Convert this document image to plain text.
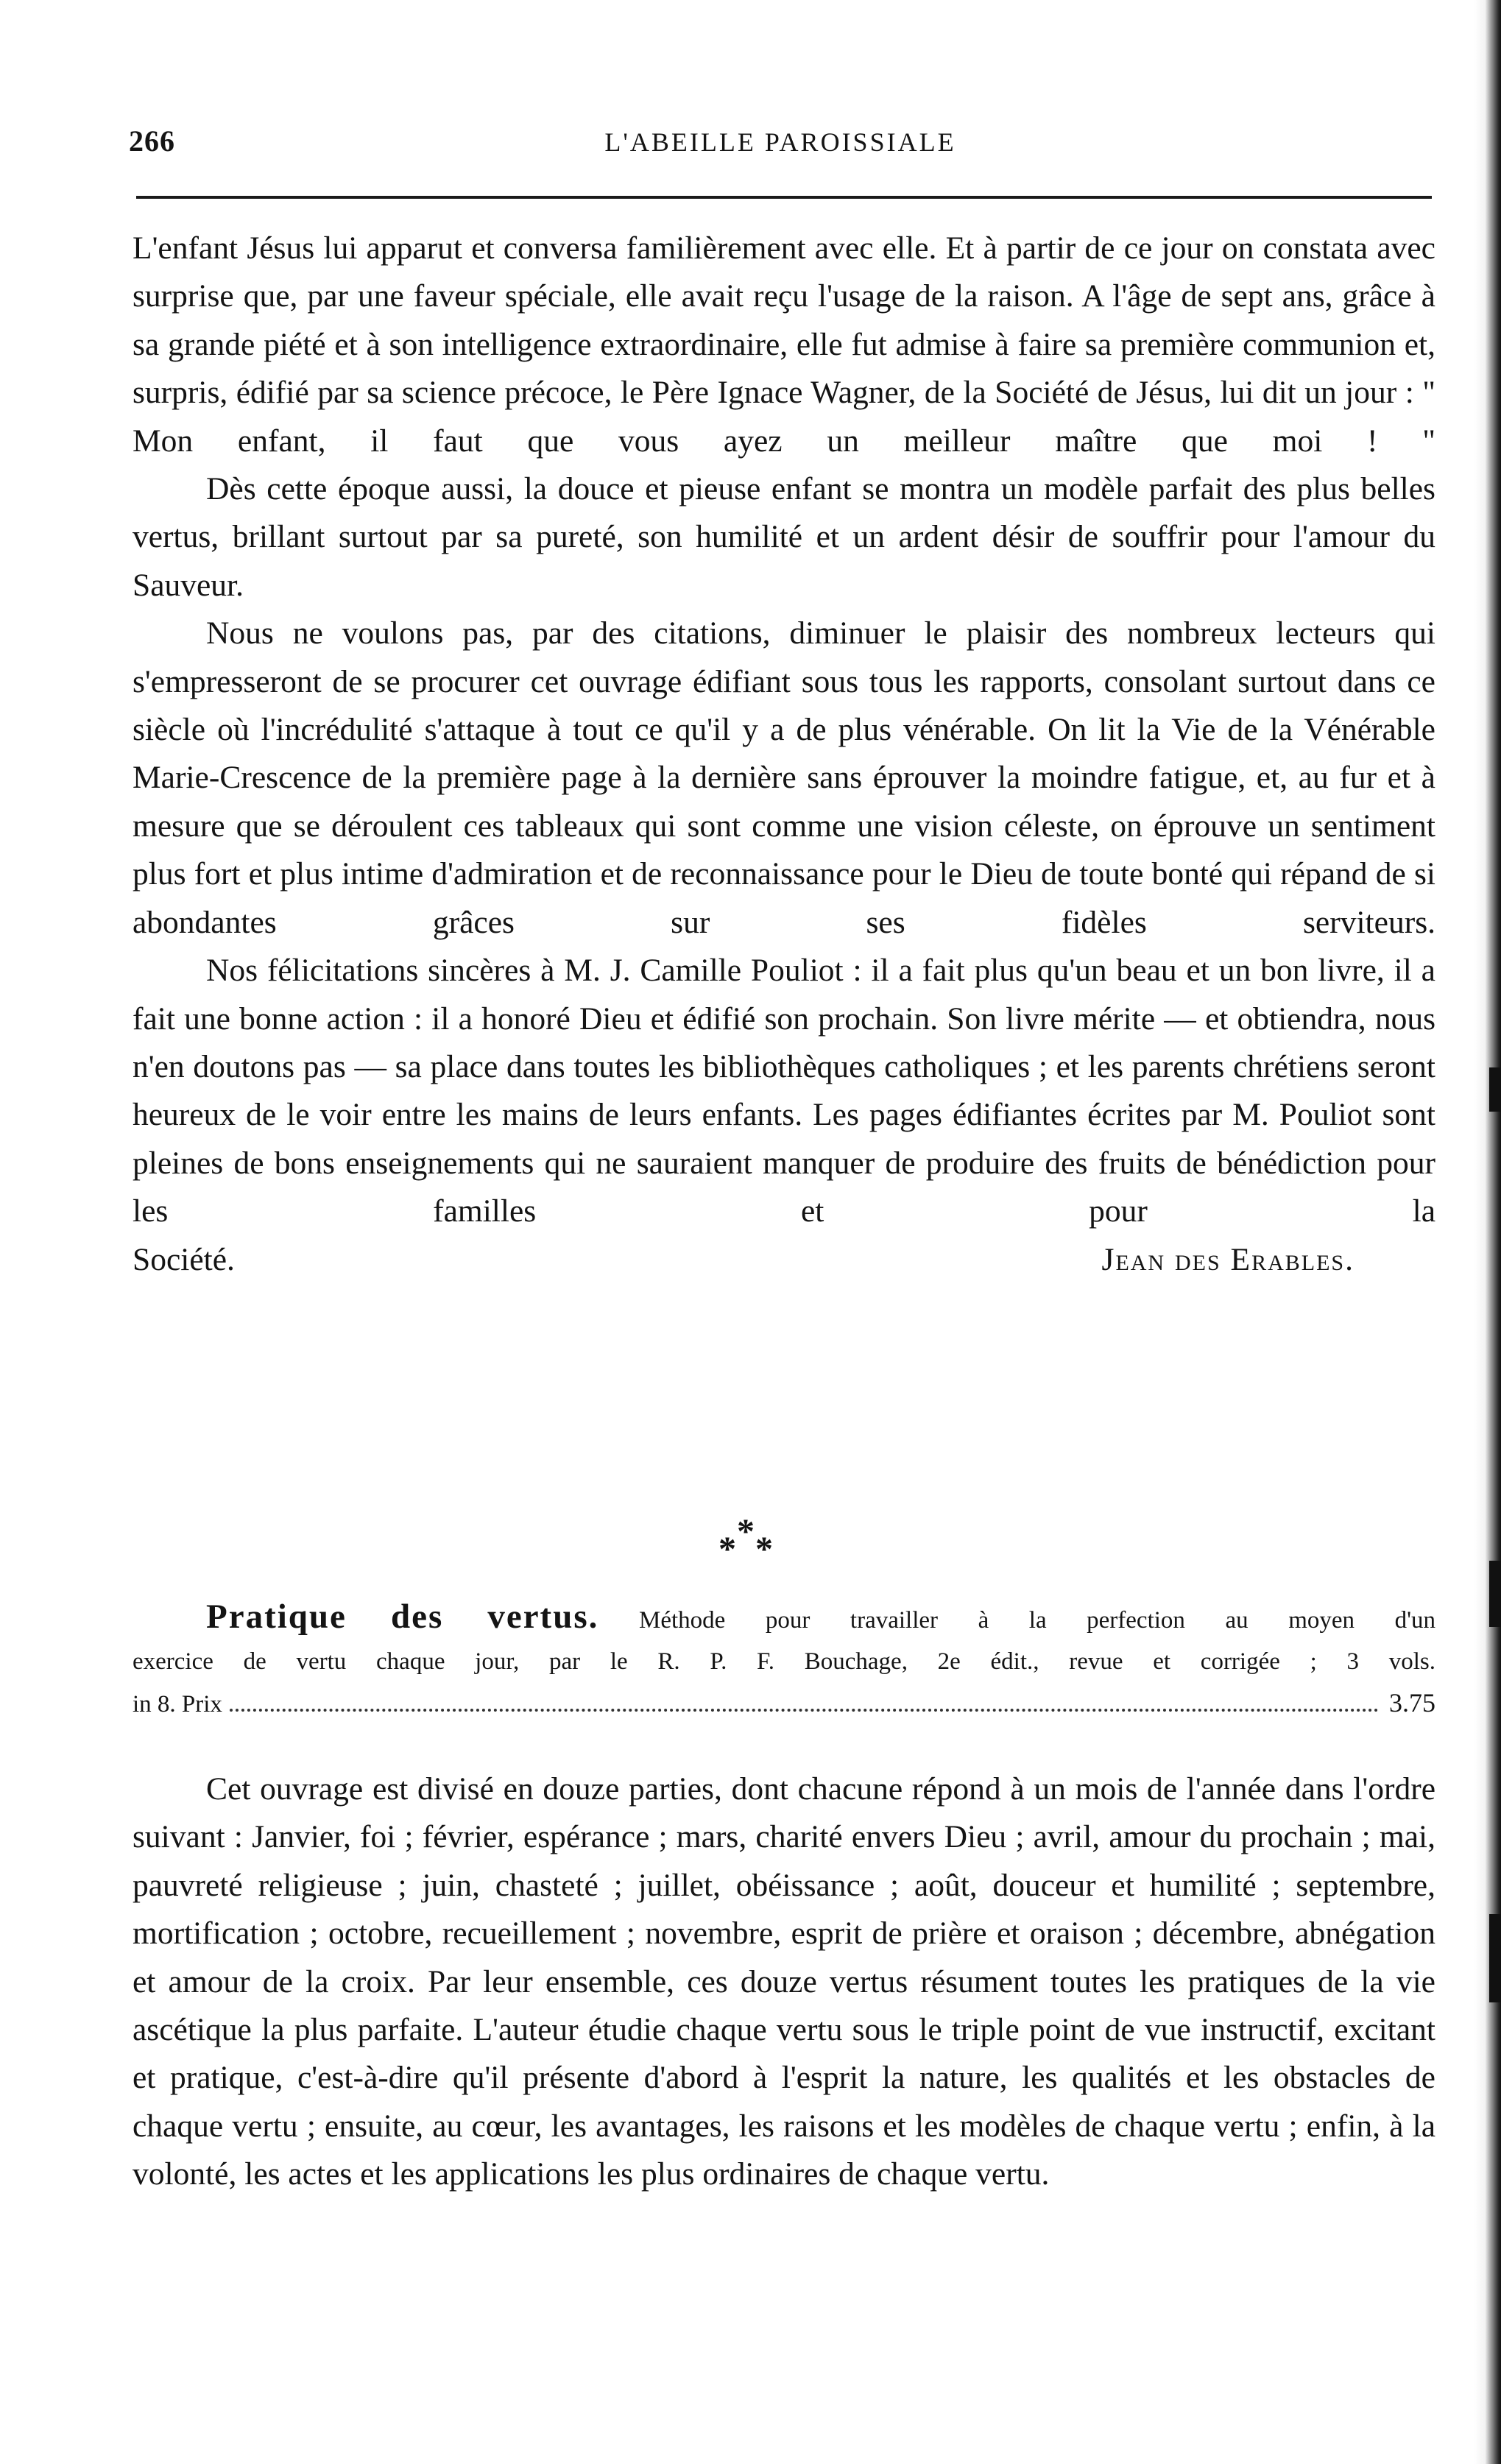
266	L'ABEILLE PAROISSIALE

L'enfant Jésus lui apparut et conversa familièrement avec elle. Et à partir de ce jour on constata avec surprise que, par une faveur spéciale, elle avait reçu l'usage de la raison. A l'âge de sept ans, grâce à sa grande piété et à son intelligence extraordinaire, elle fut admise à faire sa première communion et, surpris, édifié par sa science précoce, le Père Ignace Wagner, de la Société de Jésus, lui dit un jour : " Mon enfant, il faut que vous ayez un meilleur maître que moi ! "

Dès cette époque aussi, la douce et pieuse enfant se montra un modèle parfait des plus belles vertus, brillant surtout par sa pureté, son humilité et un ardent désir de souffrir pour l'amour du Sauveur.

Nous ne voulons pas, par des citations, diminuer le plaisir des nombreux lecteurs qui s'empresseront de se procurer cet ouvrage édifiant sous tous les rapports, consolant surtout dans ce siècle où l'incrédulité s'attaque à tout ce qu'il y a de plus vénérable. On lit la Vie de la Vénérable Marie-Crescence de la première page à la dernière sans éprouver la moindre fatigue, et, au fur et à mesure que se déroulent ces tableaux qui sont comme une vision céleste, on éprouve un sentiment plus fort et plus intime d'admiration et de reconnaissance pour le Dieu de toute bonté qui répand de si abondantes grâces sur ses fidèles serviteurs.

Nos félicitations sincères à M. J. Camille Pouliot : il a fait plus qu'un beau et un bon livre, il a fait une bonne action : il a honoré Dieu et édifié son prochain. Son livre mérite — et obtiendra, nous n'en doutons pas — sa place dans toutes les bibliothèques catholiques ; et les parents chrétiens seront heureux de le voir entre les mains de leurs enfants. Les pages édifiantes écrites par M. Pouliot sont pleines de bons enseignements qui ne sauraient manquer de produire des fruits de bénédiction pour les familles et pour la

Société.	Jean des Erables.
*
* *

Pratique des vertus. Méthode pour travailler à la perfection au moyen d'un

exercice de vertu chaque jour, par le R. P. F. Bouchage, 2e édit., revue et corrigée ; 3 vols.

in 8. Prix	3.75

Cet ouvrage est divisé en douze parties, dont chacune répond à un mois de l'année dans l'ordre suivant : Janvier, foi ; février, espérance ; mars, charité envers Dieu ; avril, amour du prochain ; mai, pauvreté religieuse ; juin, chasteté ; juillet, obéissance ; août, douceur et humilité ; septembre, mortification ; octobre, recueillement ; novembre, esprit de prière et oraison ; décembre, abnégation et amour de la croix. Par leur ensemble, ces douze vertus résument toutes les pratiques de la vie ascétique la plus parfaite. L'auteur étudie chaque vertu sous le triple point de vue instructif, excitant et pratique, c'est-à-dire qu'il présente d'abord à l'esprit la nature, les qualités et les obstacles de chaque vertu ; ensuite, au cœur, les avantages, les raisons et les modèles de chaque vertu ; enfin, à la volonté, les actes et les applications les plus ordinaires de chaque vertu.
